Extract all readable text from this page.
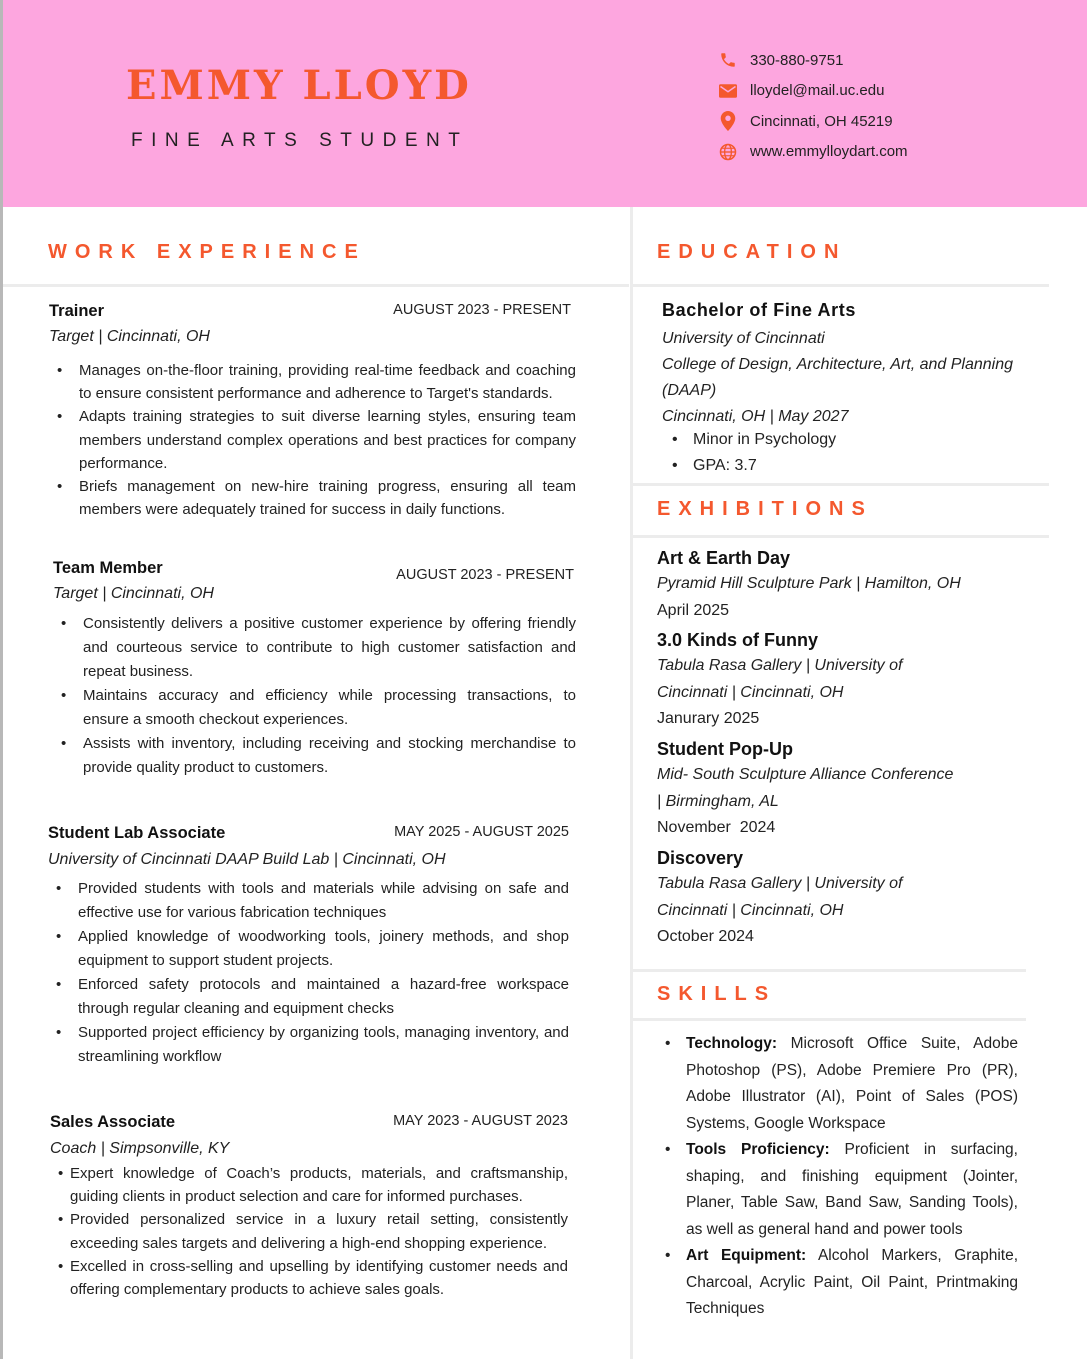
EMMY LLOYD
FINE ARTS STUDENT
330-880-9751
lloydel@mail.uc.edu
Cincinnati, OH 45219
www.emmylloydart.com
WORK EXPERIENCE	EDUCATION
EXHIBITIONS
SKILLS
Trainer	AUGUST 2023 - PRESENT
Target | Cincinnati, OH
• Manages on-the-floor training, providing real-time feedback and coaching to ensure consistent performance and adherence to Target's standards.
• Adapts training strategies to suit diverse learning styles, ensuring team members understand complex operations and best practices for company performance.
• Briefs management on new-hire training progress, ensuring all team members were adequately trained for success in daily functions.
Team Member	AUGUST 2023 - PRESENT
Target | Cincinnati, OH
• Consistently delivers a positive customer experience by offering friendly and courteous service to contribute to high customer satisfaction and repeat business.
• Maintains accuracy and efficiency while processing transactions, to ensure a smooth checkout experiences.
• Assists with inventory, including receiving and stocking merchandise to provide quality product to customers.
Student Lab Associate	MAY 2025 - AUGUST 2025
University of Cincinnati DAAP Build Lab | Cincinnati, OH
• Provided students with tools and materials while advising on safe and effective use for various fabrication techniques
• Applied knowledge of woodworking tools, joinery methods, and shop equipment to support student projects.
• Enforced safety protocols and maintained a hazard-free workspace through regular cleaning and equipment checks
• Supported project efficiency by organizing tools, managing inventory, and streamlining workflow
Sales Associate	MAY 2023 - AUGUST 2023
Coach | Simpsonville, KY
• Expert knowledge of Coach’s products, materials, and craftsmanship, guiding clients in product selection and care for informed purchases.
• Provided personalized service in a luxury retail setting, consistently exceeding sales targets and delivering a high-end shopping experience.
• Excelled in cross-selling and upselling by identifying customer needs and offering complementary products to achieve sales goals.
Bachelor of Fine Arts
University of Cincinnati
College of Design, Architecture, Art, and Planning (DAAP)
Cincinnati, OH | May 2027
• Minor in Psychology
• GPA: 3.7
Art & Earth Day
Pyramid Hill Sculpture Park | Hamilton, OH
April 2025
3.0 Kinds of Funny
Tabula Rasa Gallery | University of Cincinnati | Cincinnati, OH
Janurary 2025
Student Pop-Up
Mid- South Sculpture Alliance Conference | Birmingham, AL
November  2024
Discovery
Tabula Rasa Gallery | University of Cincinnati | Cincinnati, OH
October 2024
• Technology: Microsoft Office Suite, Adobe Photoshop (PS), Adobe Premiere Pro (PR), Adobe Illustrator (AI), Point of Sales (POS) Systems, Google Workspace
• Tools Proficiency: Proficient in surfacing, shaping, and finishing equipment (Jointer, Planer, Table Saw, Band Saw, Sanding Tools), as well as general hand and power tools
• Art Equipment: Alcohol Markers, Graphite, Charcoal, Acrylic Paint, Oil Paint, Printmaking Techniques
